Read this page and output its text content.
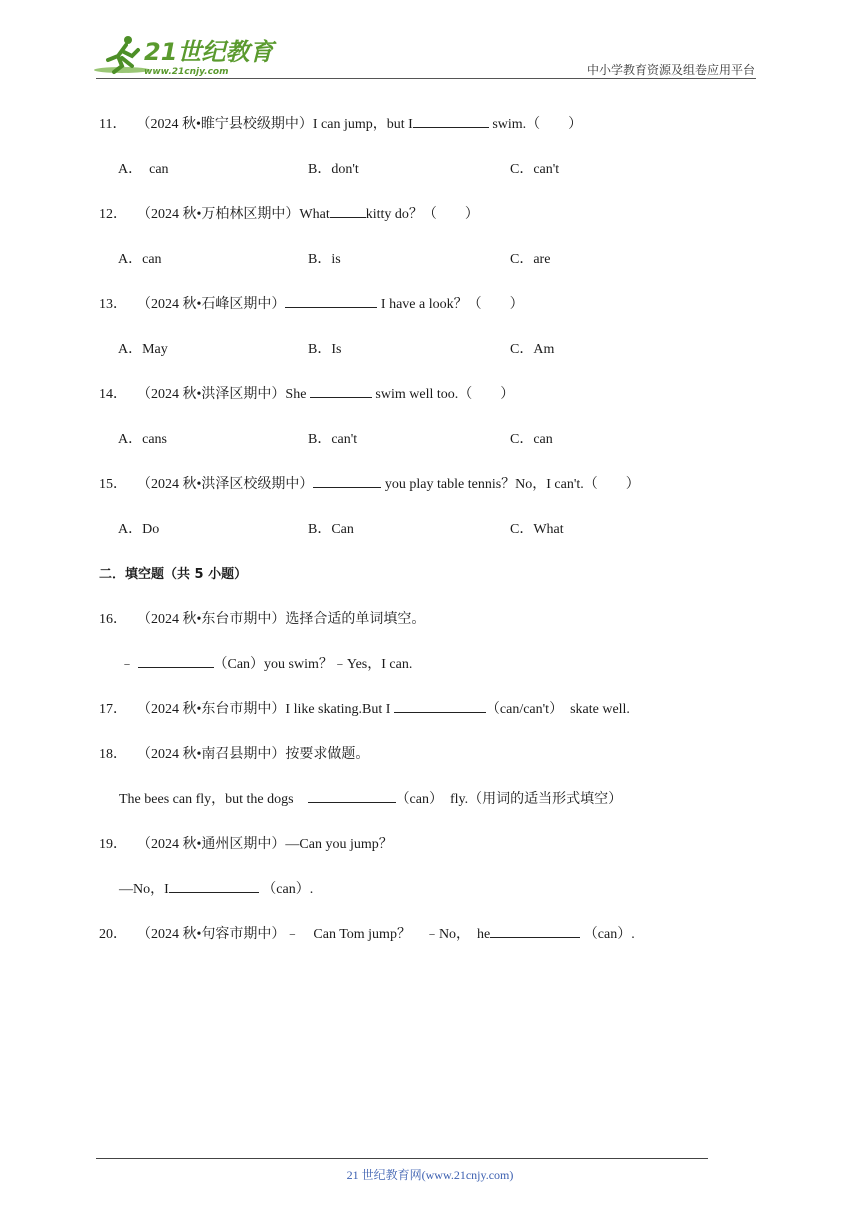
21世纪教育
www.21cnjy.com	中小学教育资源及组卷应用平台
11． （2024 秋•睢宁县校级期中）I can jump，but I	swim.（　　）
A．　can	B．don't	C．can't
12． （2024 秋•万柏林区期中）What	kitty do？（　　）
A．can	B．is	C．are
13． （2024 秋•石峰区期中）	I have a look？（　　）
A．May	B．Is	C．Am
14． （2024 秋•洪泽区期中）She	swim well too.（　　）
A．cans	B．can't	C．can
15． （2024 秋•洪泽区校级期中）	you play table tennis？No，I can't.（　　）
A．Do	B．Can	C．What
二．填空题（共 5 小题）
16． （2024 秋•东台市期中）选择合适的单词填空。
﹣	（Can）you swim？﹣Yes，I can.
17． （2024 秋•东台市期中）I like skating.But I	（can/can't）　skate well.
18． （2024 秋•南召县期中）按要求做题。
The bees can fly，but the dogs　	（can）　fly.（用词的适当形式填空）
19． （2024 秋•通州区期中）—Can you jump？
—No，I	（can）.
20． （2024 秋•句容市期中）﹣　Can Tom jump？　﹣No，　he	（can）.
21 世纪教育网(www.21cnjy.com)
